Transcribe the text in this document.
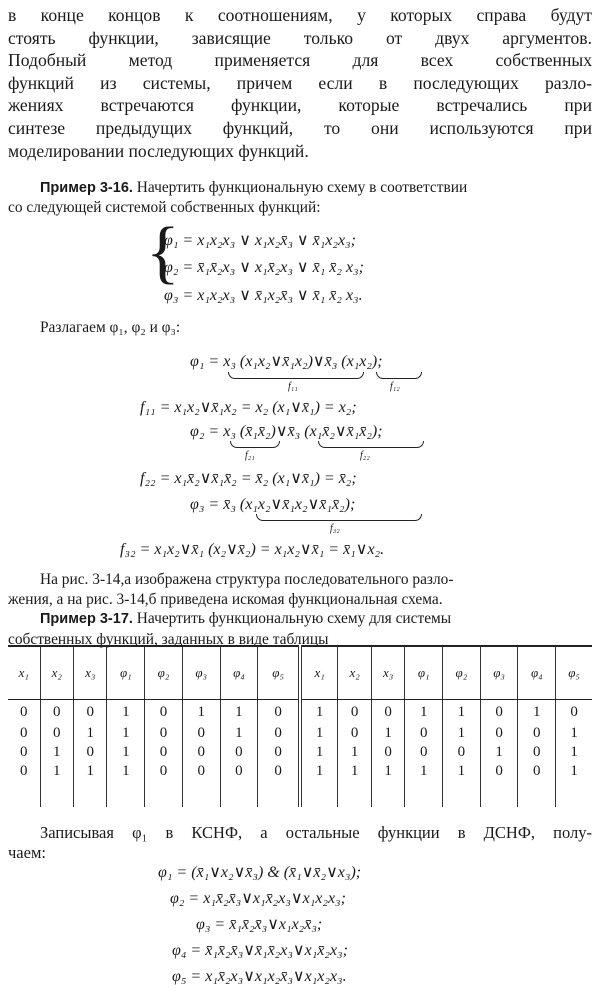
в конце концов к соотношениям, у которых справа будут
стоять функции, зависящие только от двух аргументов.
Подобный метод применяется для всех собственных
функций из системы, причем если в последующих разло-
жениях встречаются функции, которые встречались при
синтезе предыдущих функций, то они используются при
моделировании последующих функций.

Пример 3-16. Начертить функциональную схему в соответствии

со следующей системой собственных функций:

{
φ₁ = x₁x₂x₃ ∨ x₁x₂x̄₃ ∨ x̄₁x₂x₃;
φ₂ = x̄₁x̄₂x₃ ∨ x₁x̄₂x₃ ∨ x̄₁ x̄₂ x₃;
φ₃ = x₁x₂x₃ ∨ x̄₁x₂x̄₃ ∨ x̄₁ x̄₂ x₃.
Разлагаем φ₁, φ₂ и φ₃:
φ₁ = x₃ (x₁x₂∨x̄₁x₂)∨x̄₃ (x₁x₂);
f₁₁	f₁₂
f₁₁ = x₁x₂∨x̄₁x₂ = x₂ (x₁∨x̄₁) = x₂;
φ₂ = x₃ (x̄₁x̄₂)∨x̄₃ (x₁x̄₂∨x̄₁x̄₂);
f₂₁	f₂₂
f₂₂ = x₁x̄₂∨x̄₁x̄₂ = x̄₂ (x₁∨x̄₁) = x̄₂;
φ₃ = x̄₃ (x₁x₂∨x̄₁x₂∨x̄₁x̄₂);
f₃₂
f₃₂ = x₁x₂∨x̄₁ (x₂∨x̄₂) = x₁x₂∨x̄₁ = x̄₁∨x₂.

На рис. 3-14,а изображена структура последовательного разло-
жения, а на рис. 3-14,б приведена искомая функциональная схема.

Пример 3-17. Начертить функциональную схему для системы
собственных функций, заданных в виде таблицы

x₁	x₂	x₃	φ₁	φ₂	φ₃	φ₄	φ₅	x₁	x₂	x₃	φ₁	φ₂	φ₃	φ₄	φ₅
0	0	0	1	0	1	1	0	1	0	0	1	1	0	1	0
0	0	1	1	0	0	1	0	1	0	1	0	1	0	0	1
0	1	0	1	0	0	0	0	1	1	0	0	0	1	0	1
0	1	1	1	0	0	0	0	1	1	1	1	1	0	0	1

Записывая φ₁ в КСНФ, а остальные функции в ДСНФ, полу-
чаем:

φ₁ = (x̄₁∨x₂∨x̄₃) & (x̄₁∨x̄₂∨x₃);
φ₂ = x₁x̄₂x̄₃∨x₁x̄₂x₃∨x₁x₂x₃;
φ₃ = x̄₁x̄₂x̄₃∨x₁x₂x̄₃;
φ₄ = x̄₁x̄₂x̄₃∨x̄₁x̄₂x₃∨x₁x̄₂x₃;
φ₅ = x₁x̄₂x₃∨x₁x₂x̄₃∨x₁x₂x₃.
